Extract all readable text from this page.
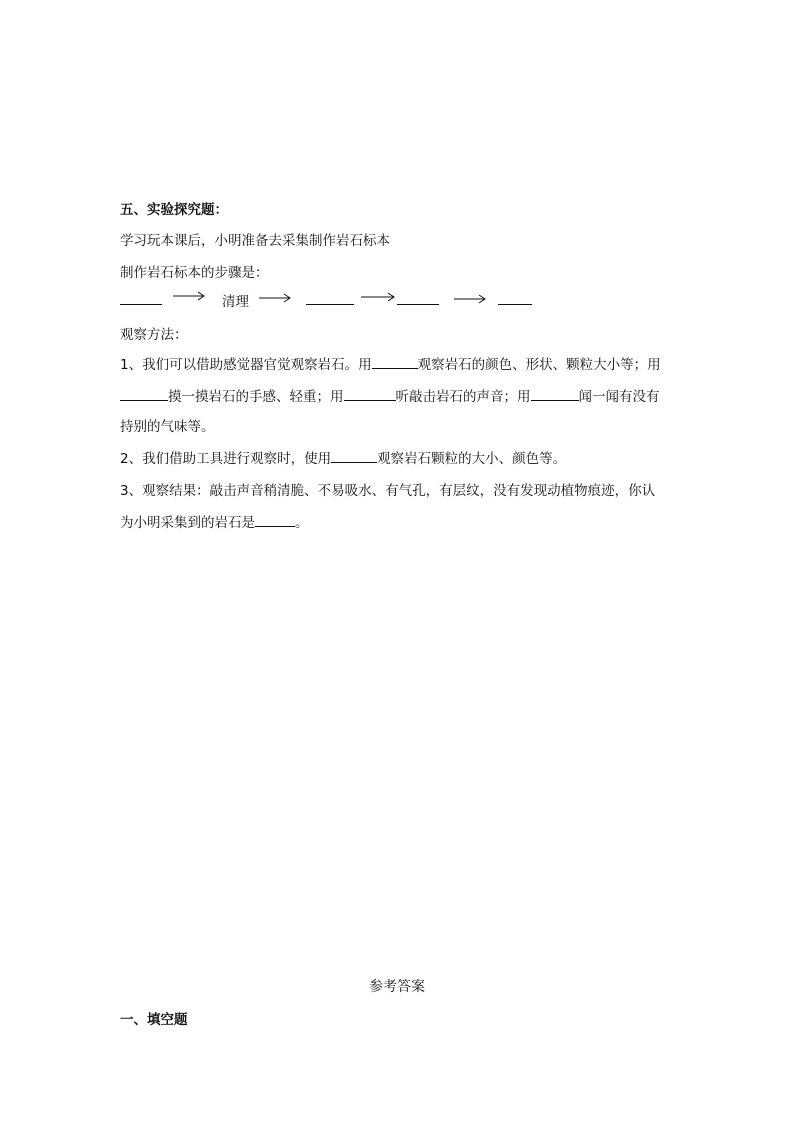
五、实验探究题：
学习玩本课后，小明准备去采集制作岩石标本
制作岩石标本的步骤是：
清理
观察方法：
1、我们可以借助感觉器官觉观察岩石。用	观察岩石的颜色、形状、颗粒大小等；用
摸一摸岩石的手感、轻重；用	听敲击岩石的声音；用	闻一闻有没有
持别的气味等。
2、我们借助工具进行观察时，使用	观察岩石颗粒的大小、颜色等。
3、观察结果：敲击声音稍清脆、不易吸水、有气孔，有层纹，没有发现动植物痕迹，你认
为小明采集到的岩石是	。
参考答案
一、填空题
